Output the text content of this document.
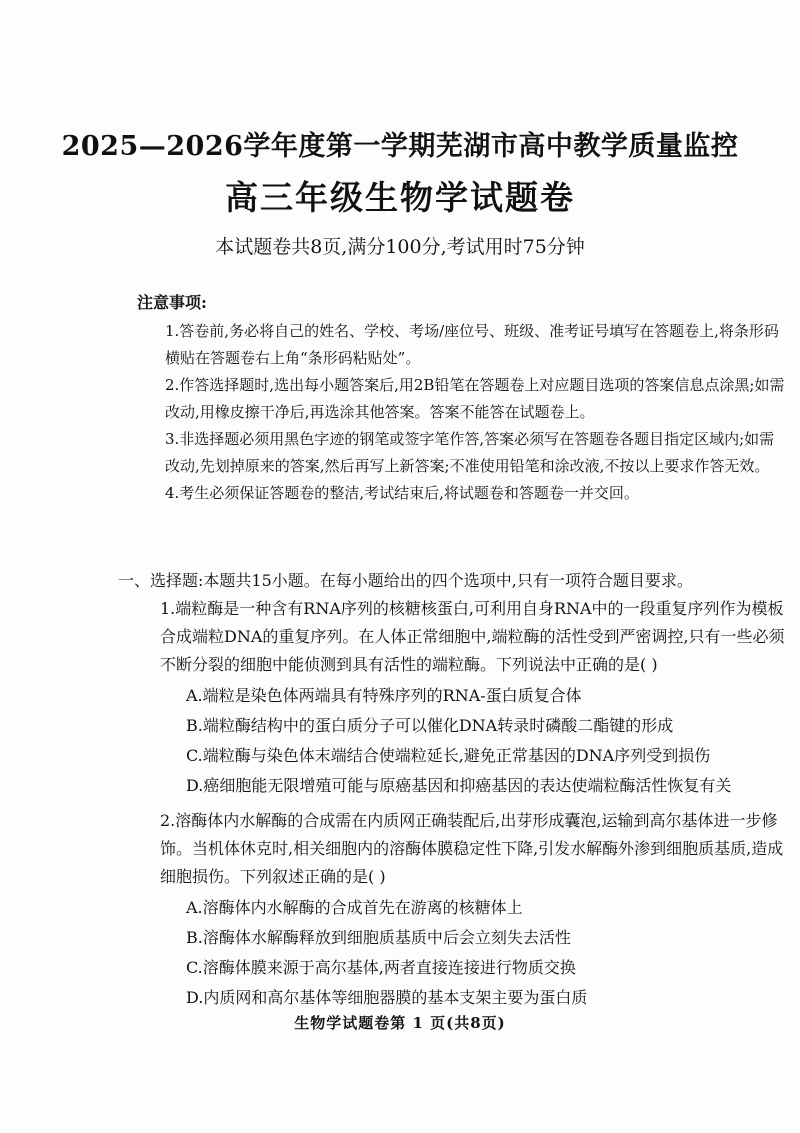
2025—2026学年度第一学期芜湖市高中教学质量监控
高三年级生物学试题卷
本试题卷共8页,满分100分,考试用时75分钟
注意事项:

1.答卷前,务必将自己的姓名、学校、考场/座位号、班级、准考证号填写在答题卷上,将条形码横贴在答题卷右上角“条形码粘贴处”。

2.作答选择题时,选出每小题答案后,用2B铅笔在答题卷上对应题目选项的答案信息点涂黑;如需改动,用橡皮擦干净后,再选涂其他答案。答案不能答在试题卷上。

3.非选择题必须用黑色字迹的钢笔或签字笔作答,答案必须写在答题卷各题目指定区域内;如需改动,先划掉原来的答案,然后再写上新答案;不准使用铅笔和涂改液,不按以上要求作答无效。

4.考生必须保证答题卷的整洁,考试结束后,将试题卷和答题卷一并交回。

一、选择题:本题共15小题。在每小题给出的四个选项中,只有一项符合题目要求。

1.端粒酶是一种含有RNA序列的核糖核蛋白,可利用自身RNA中的一段重复序列作为模板合成端粒DNA的重复序列。在人体正常细胞中,端粒酶的活性受到严密调控,只有一些必须不断分裂的细胞中能侦测到具有活性的端粒酶。下列说法中正确的是( )

A.端粒是染色体两端具有特殊序列的RNA-蛋白质复合体

B.端粒酶结构中的蛋白质分子可以催化DNA转录时磷酸二酯键的形成

C.端粒酶与染色体末端结合使端粒延长,避免正常基因的DNA序列受到损伤

D.癌细胞能无限增殖可能与原癌基因和抑癌基因的表达使端粒酶活性恢复有关

2.溶酶体内水解酶的合成需在内质网正确装配后,出芽形成囊泡,运输到高尔基体进一步修饰。当机体休克时,相关细胞内的溶酶体膜稳定性下降,引发水解酶外渗到细胞质基质,造成细胞损伤。下列叙述正确的是( )

A.溶酶体内水解酶的合成首先在游离的核糖体上

B.溶酶体水解酶释放到细胞质基质中后会立刻失去活性

C.溶酶体膜来源于高尔基体,两者直接连接进行物质交换

D.内质网和高尔基体等细胞器膜的基本支架主要为蛋白质

生物学试题卷第 1 页(共8页)
